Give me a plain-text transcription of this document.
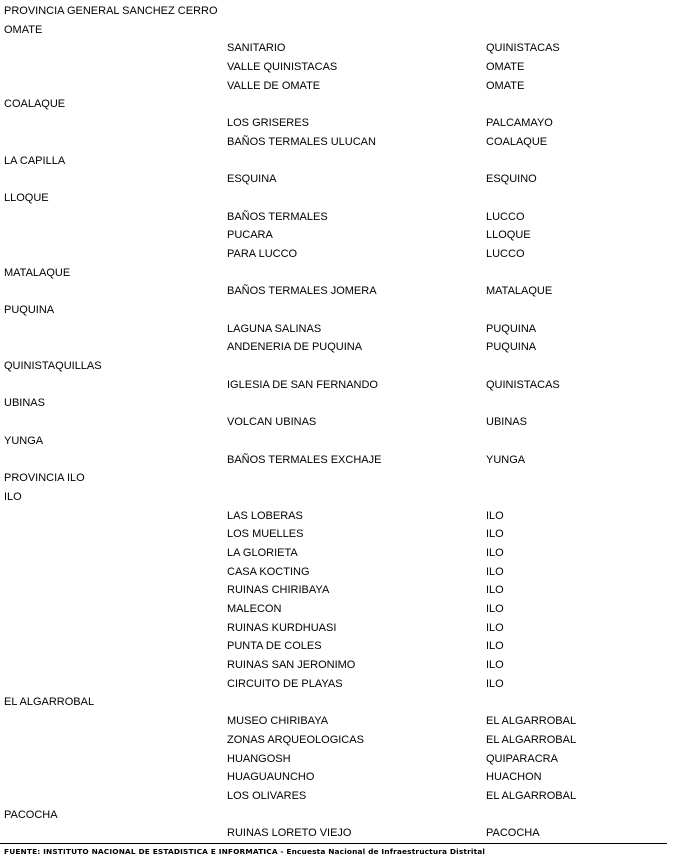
PROVINCIA GENERAL SANCHEZ CERRO
OMATE
SANITARIO	QUINISTACAS
VALLE QUINISTACAS	OMATE
VALLE DE OMATE	OMATE
COALAQUE
LOS GRISERES	PALCAMAYO
BAÑOS TERMALES ULUCAN	COALAQUE
LA CAPILLA
ESQUINA	ESQUINO
LLOQUE
BAÑOS TERMALES	LUCCO
PUCARA	LLOQUE
PARA LUCCO	LUCCO
MATALAQUE
BAÑOS TERMALES JOMERA	MATALAQUE
PUQUINA
LAGUNA SALINAS	PUQUINA
ANDENERIA DE PUQUINA	PUQUINA
QUINISTAQUILLAS
IGLESIA DE SAN FERNANDO	QUINISTACAS
UBINAS
VOLCAN UBINAS	UBINAS
YUNGA
BAÑOS TERMALES EXCHAJE	YUNGA
PROVINCIA ILO
ILO
LAS LOBERAS	ILO
LOS MUELLES	ILO
LA GLORIETA	ILO
CASA KOCTING	ILO
RUINAS CHIRIBAYA	ILO
MALECON	ILO
RUINAS KURDHUASI	ILO
PUNTA DE COLES	ILO
RUINAS SAN JERONIMO	ILO
CIRCUITO DE PLAYAS	ILO
EL ALGARROBAL
MUSEO CHIRIBAYA	EL ALGARROBAL
ZONAS ARQUEOLOGICAS	EL ALGARROBAL
HUANGOSH	QUIPARACRA
HUAGUAUNCHO	HUACHON
LOS OLIVARES	EL ALGARROBAL
PACOCHA
RUINAS LORETO VIEJO	PACOCHA
FUENTE: INSTITUTO NACIONAL DE ESTADISTICA E INFORMATICA - Encuesta Nacional de Infraestructura Distrital
